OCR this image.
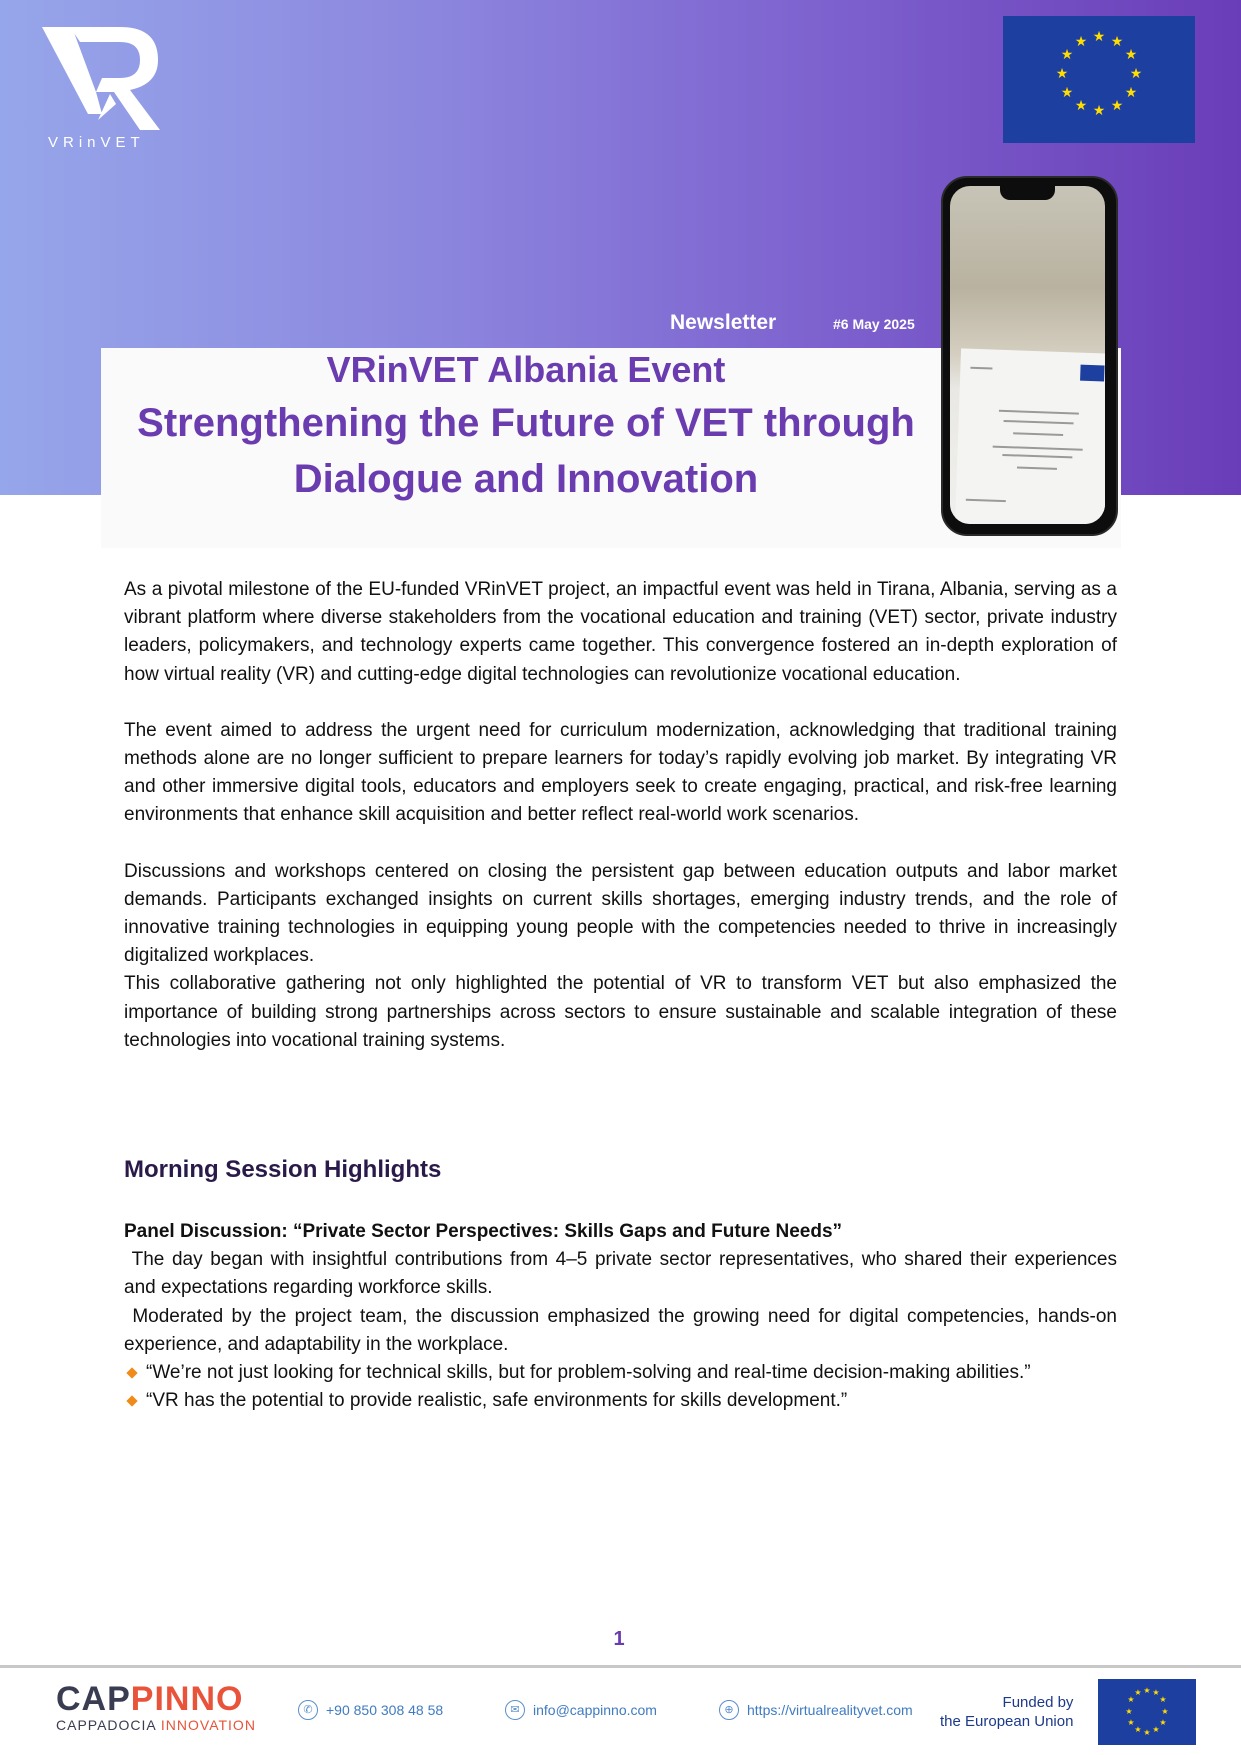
VRinVET
★ ★
★
★
★
★
★
★
★
★
★
★
Newsletter	#6 May 2025
VRinVET Albania Event
Strengthening the Future of VET through
Dialogue and Innovation

As a pivotal milestone of the EU-funded VRinVET project, an impactful event was held in Tirana, Albania, serving as a vibrant platform where diverse stakeholders from the vocational education and training (VET) sector, private industry leaders, policymakers, and technology experts came together. This convergence fostered an in-depth exploration of how virtual reality (VR) and cutting-edge digital technologies can revolutionize vocational education.

The event aimed to address the urgent need for curriculum modernization, acknowledging that traditional training methods alone are no longer sufficient to prepare learners for today’s rapidly evolving job market. By integrating VR and other immersive digital tools, educators and employers seek to create engaging, practical, and risk-free learning environments that enhance skill acquisition and better reflect real-world work scenarios.

Discussions and workshops centered on closing the persistent gap between education outputs and labor market demands. Participants exchanged insights on current skills shortages, emerging industry trends, and the role of innovative training technologies in equipping young people with the competencies needed to thrive in increasingly digitalized workplaces.

This collaborative gathering not only highlighted the potential of VR to transform VET but also emphasized the importance of building strong partnerships across sectors to ensure sustainable and scalable integration of these technologies into vocational training systems.

Morning Session Highlights

Panel Discussion: “Private Sector Perspectives: Skills Gaps and Future Needs”

The day began with insightful contributions from 4–5 private sector representatives, who shared their experiences and expectations regarding workforce skills.

Moderated by the project team, the discussion emphasized the growing need for digital competencies, hands-on experience, and adaptability in the workplace.

“We’re not just looking for technical skills, but for problem-solving and real-time decision-making abilities.”
“VR has the potential to provide realistic, safe environments for skills development.”
1
CAPPINNO
CAPPADOCIA INNOVATION
✆ +90 850 308 48 58	✉ info@cappinno.com	⊕ https://virtualrealityvet.com	Funded by
the European Union
★ ★
★
★
★
★
★
★
★
★
★
★
